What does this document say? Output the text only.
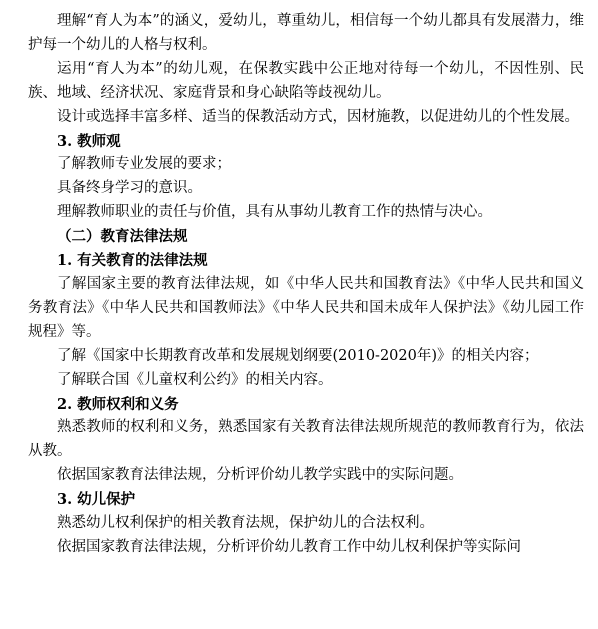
理解“育人为本”的涵义，爱幼儿，尊重幼儿，相信每一个幼儿都具有发展潜力，维护每一个幼儿的人格与权利。

运用“育人为本”的幼儿观，在保教实践中公正地对待每一个幼儿，不因性别、民族、地域、经济状况、家庭背景和身心缺陷等歧视幼儿。

设计或选择丰富多样、适当的保教活动方式，因材施教，以促进幼儿的个性发展。

3. 教师观

了解教师专业发展的要求；

具备终身学习的意识。

理解教师职业的责任与价值，具有从事幼儿教育工作的热情与决心。

（二）教育法律法规

1. 有关教育的法律法规

了解国家主要的教育法律法规，如《中华人民共和国教育法》《中华人民共和国义务教育法》《中华人民共和国教师法》《中华人民共和国未成年人保护法》《幼儿园工作规程》等。

了解《国家中长期教育改革和发展规划纲要(2010-2020年)》的相关内容；

了解联合国《儿童权利公约》的相关内容。

2. 教师权利和义务

熟悉教师的权利和义务，熟悉国家有关教育法律法规所规范的教师教育行为，依法从教。

依据国家教育法律法规，分析评价幼儿教学实践中的实际问题。

3. 幼儿保护

熟悉幼儿权利保护的相关教育法规，保护幼儿的合法权利。

依据国家教育法律法规，分析评价幼儿教育工作中幼儿权利保护等实际问
